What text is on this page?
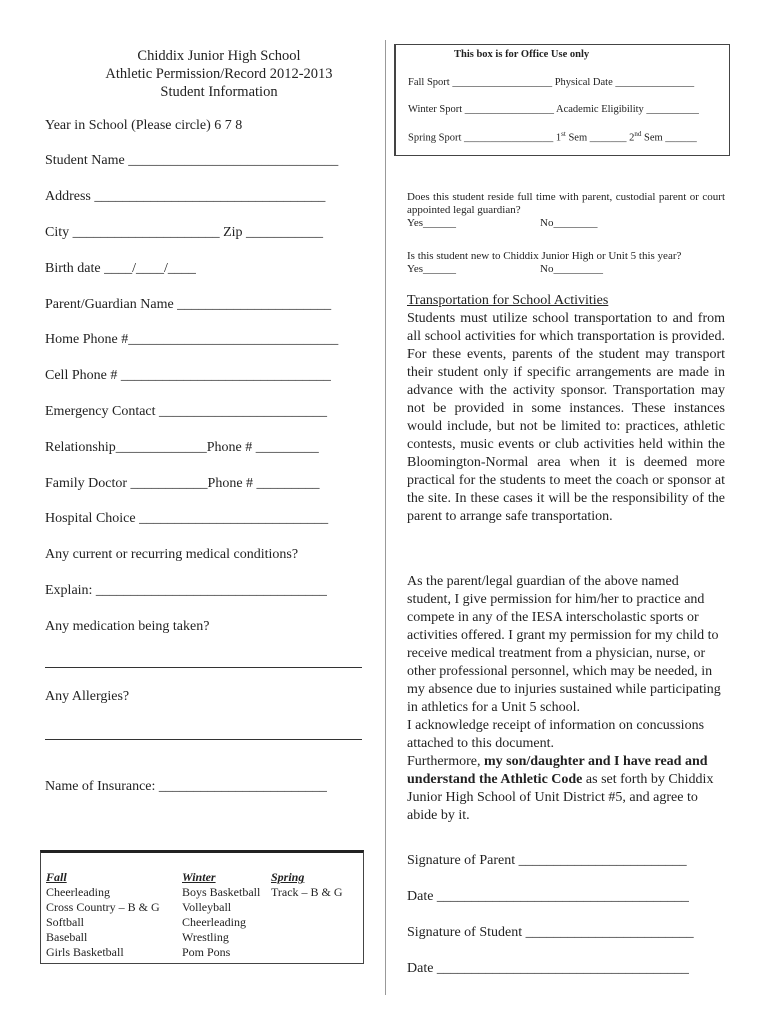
Chiddix Junior High School
Athletic Permission/Record 2012-2013
Student Information
This box is for Office Use only
Fall Sport ___________________ Physical Date _______________
Winter Sport _________________ Academic Eligibility __________
Spring Sport _________________ 1st Sem _______ 2nd Sem ______
Year in School (Please circle) 6 7 8
Student Name ______________________________
Address _________________________________
City _____________________ Zip ___________
Birth date ____/____/____
Parent/Guardian Name ______________________
Home Phone #______________________________
Cell Phone # ______________________________
Emergency Contact ________________________
Relationship_____________Phone # _________
Family Doctor ___________Phone # _________
Hospital Choice ___________________________
Any current or recurring medical conditions?
Explain: _________________________________
Any medication being taken?
Any Allergies?
Name of Insurance: ________________________
Does this student reside full time with parent, custodial parent or court appointed legal guardian?
Yes______	No________
Is this student new to Chiddix Junior High or Unit 5 this year?
Yes______	No_________
Transportation for School Activities
Students must utilize school transportation to and from all school activities for which transportation is provided. For these events, parents of the student may transport their student only if specific arrangements are made in advance with the activity sponsor. Transportation may not be provided in some instances. These instances would include, but not be limited to: practices, athletic contests, music events or club activities held within the Bloomington-Normal area when it is deemed more practical for the students to meet the coach or sponsor at the site. In these cases it will be the responsibility of the parent to arrange safe transportation.
As the parent/legal guardian of the above named student, I give permission for him/her to practice and compete in any of the IESA interscholastic sports or activities offered. I grant my permission for my child to receive medical treatment from a physician, nurse, or other professional personnel, which may be needed, in my absence due to injuries sustained while participating in athletics for a Unit 5 school.
I acknowledge receipt of information on concussions attached to this document.
Furthermore, my son/daughter and I have read and understand the Athletic Code as set forth by Chiddix Junior High School of Unit District #5, and agree to abide by it.
Signature of Parent ________________________
Date ____________________________________
Signature of Student ________________________
Date ____________________________________
Fall
Cheerleading
Cross Country – B & G
Softball
Baseball
Girls Basketball
Winter
Boys Basketball
Volleyball
Cheerleading
Wrestling
Pom Pons
Spring
Track – B & G
